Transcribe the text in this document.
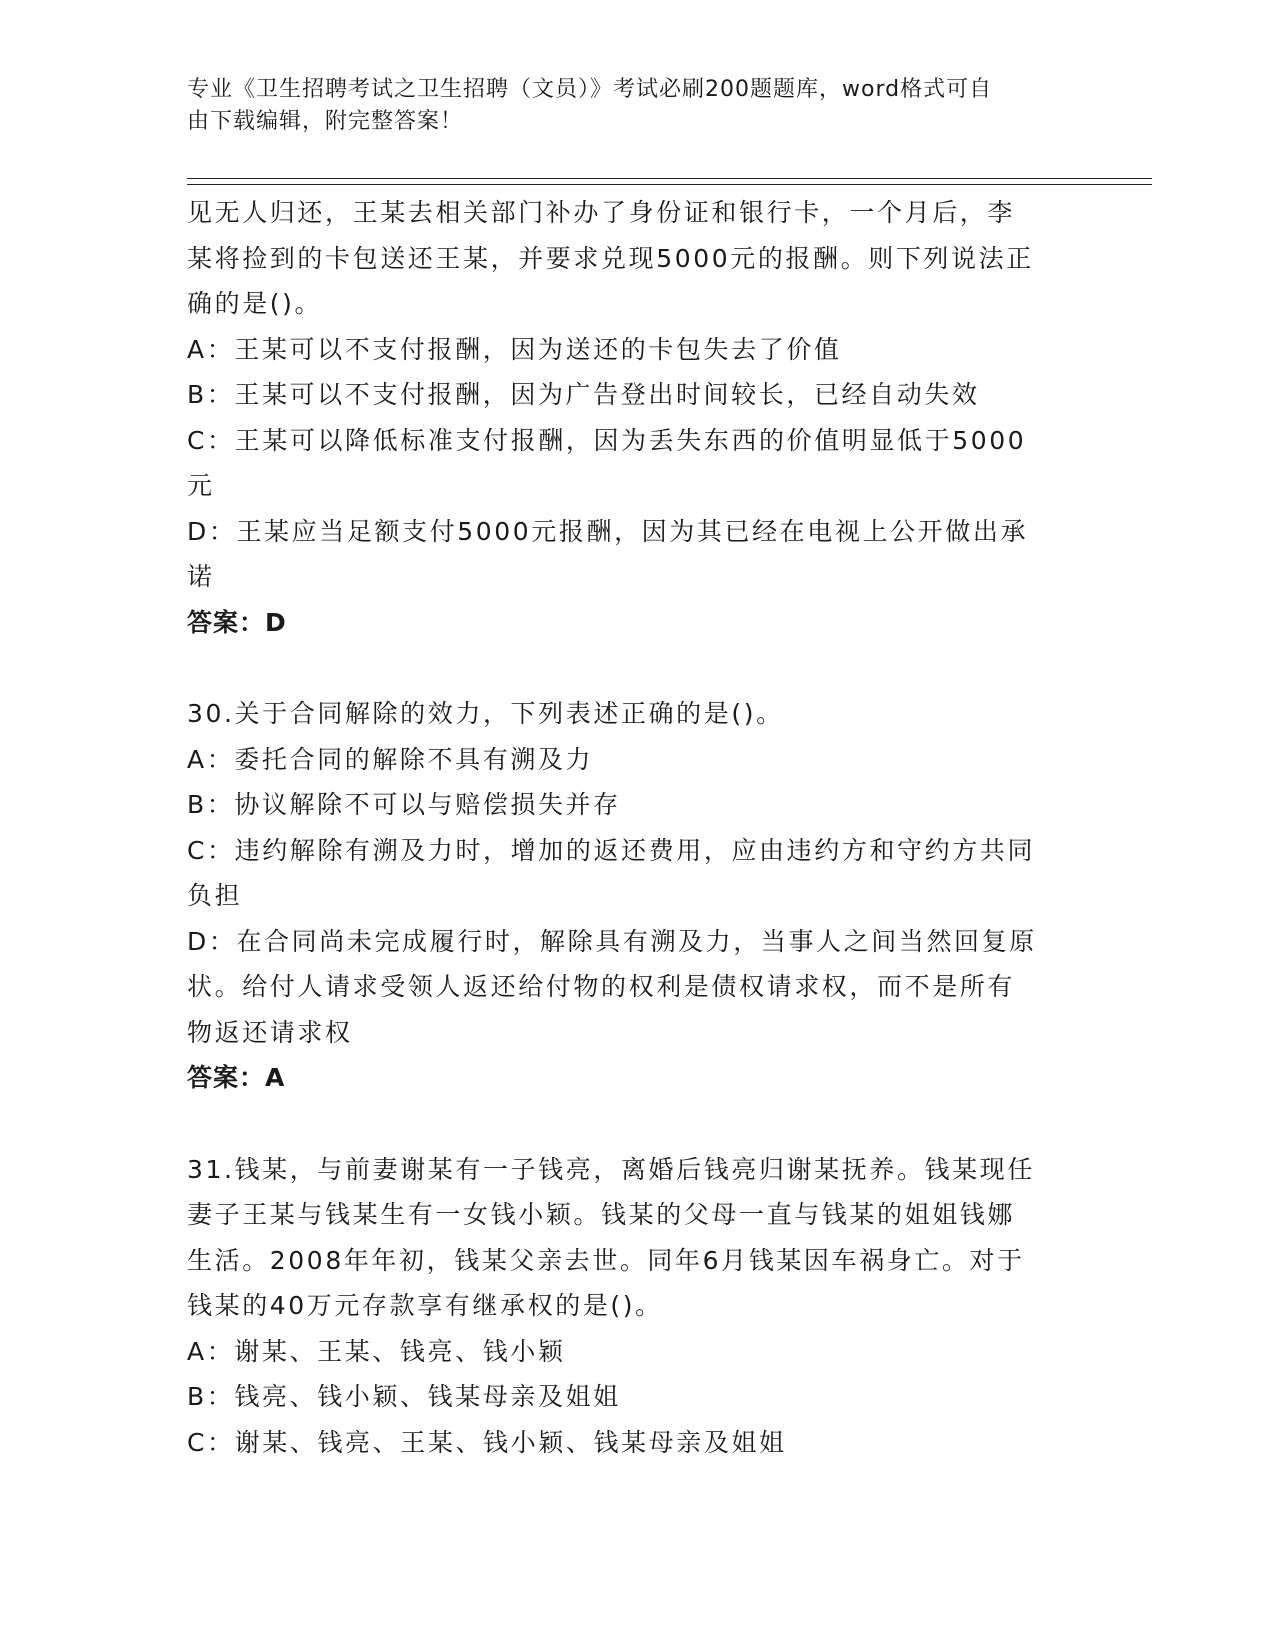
专业《卫生招聘考试之卫生招聘（文员）》考试必刷200题题库，word格式可自
由下载编辑，附完整答案！

见无人归还，王某去相关部门补办了身份证和银行卡，一个月后，李

某将捡到的卡包送还王某，并要求兑现5000元的报酬。则下列说法正

确的是()。

A：王某可以不支付报酬，因为送还的卡包失去了价值

B：王某可以不支付报酬，因为广告登出时间较长，已经自动失效

C：王某可以降低标准支付报酬，因为丢失东西的价值明显低于5000

元

D：王某应当足额支付5000元报酬，因为其已经在电视上公开做出承

诺

答案：D

30.关于合同解除的效力，下列表述正确的是()。

A：委托合同的解除不具有溯及力

B：协议解除不可以与赔偿损失并存

C：违约解除有溯及力时，增加的返还费用，应由违约方和守约方共同

负担

D：在合同尚未完成履行时，解除具有溯及力，当事人之间当然回复原

状。给付人请求受领人返还给付物的权利是债权请求权，而不是所有

物返还请求权

答案：A

31.钱某，与前妻谢某有一子钱亮，离婚后钱亮归谢某抚养。钱某现任

妻子王某与钱某生有一女钱小颖。钱某的父母一直与钱某的姐姐钱娜

生活。2008年年初，钱某父亲去世。同年6月钱某因车祸身亡。对于

钱某的40万元存款享有继承权的是()。

A：谢某、王某、钱亮、钱小颖

B：钱亮、钱小颖、钱某母亲及姐姐

C：谢某、钱亮、王某、钱小颖、钱某母亲及姐姐
